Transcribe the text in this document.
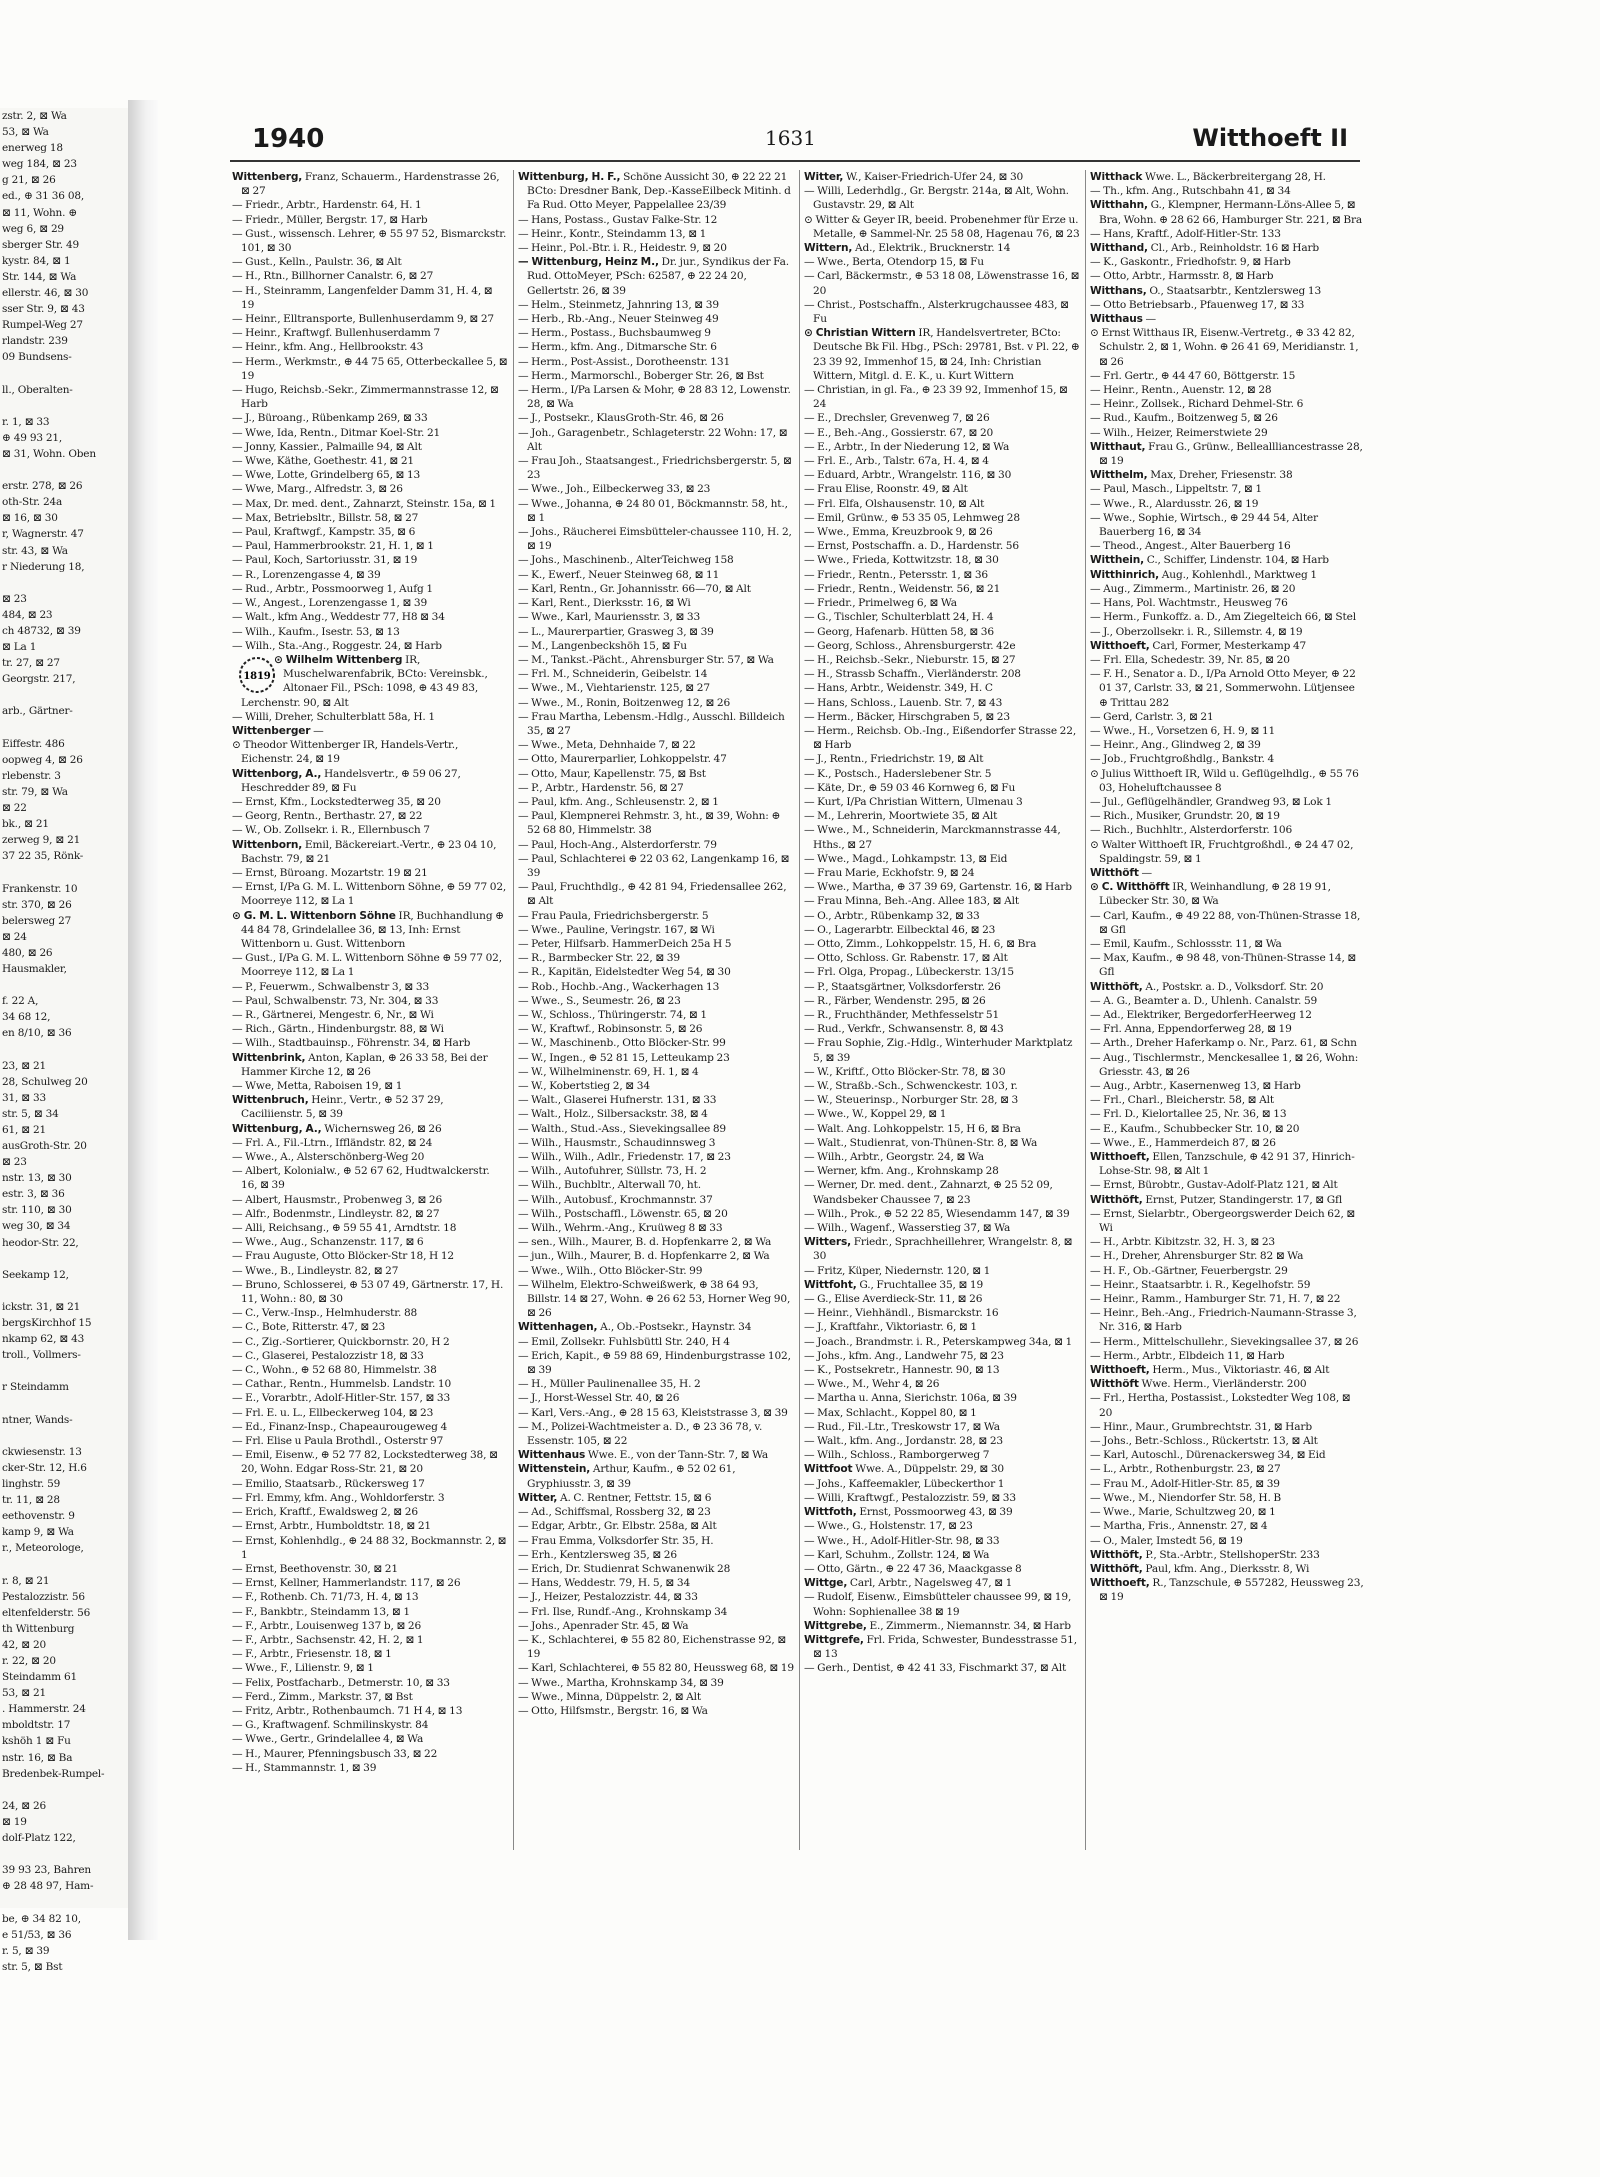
zstr. 2, ⊠ Wa
53, ⊠ Wa
enerweg 18
weg 184, ⊠ 23
g 21, ⊠ 26
ed., ⊕ 31 36 08,
⊠ 11, Wohn. ⊕
weg 6, ⊠ 29
sberger Str. 49
kystr. 84, ⊠ 1
Str. 144, ⊠ Wa
ellerstr. 46, ⊠ 30
sser Str. 9, ⊠ 43
Rumpel-Weg 27
rlandstr. 239
09 Bundsens-

ll., Oberalten-

r. 1, ⊠ 33
⊕ 49 93 21,
⊠ 31, Wohn. Oben

erstr. 278, ⊠ 26
oth-Str. 24a
⊠ 16, ⊠ 30
r, Wagnerstr. 47
str. 43, ⊠ Wa
r Niederung 18,

⊠ 23
484, ⊠ 23
ch 48732, ⊠ 39
⊠ La 1
tr. 27, ⊠ 27
Georgstr. 217,

arb., Gärtner-

Eiffestr. 486
oopweg 4, ⊠ 26
rlebenstr. 3
str. 79, ⊠ Wa
⊠ 22
bk., ⊠ 21
zerweg 9, ⊠ 21
37 22 35, Rönk-

Frankenstr. 10
str. 370, ⊠ 26
belersweg 27
⊠ 24
480, ⊠ 26
Hausmakler,

f. 22 A,
34 68 12,
en 8/10, ⊠ 36

23, ⊠ 21
28, Schulweg 20
31, ⊠ 33
str. 5, ⊠ 34
61, ⊠ 21
ausGroth-Str. 20
⊠ 23
nstr. 13, ⊠ 30
estr. 3, ⊠ 36
str. 110, ⊠ 30
weg 30, ⊠ 34
heodor-Str. 22,

Seekamp 12,

ickstr. 31, ⊠ 21
bergsKirchhof 15
nkamp 62, ⊠ 43
troll., Vollmers-

r Steindamm

ntner, Wands-

ckwiesenstr. 13
cker-Str. 12, H.6
linghstr. 59
tr. 11, ⊠ 28
eethovenstr. 9
kamp 9, ⊠ Wa
r., Meteorologe,

r. 8, ⊠ 21
Pestalozzistr. 56
eltenfelderstr. 56
th Wittenburg
42, ⊠ 20
r. 22, ⊠ 20
Steindamm 61
53, ⊠ 21
. Hammerstr. 24
mboldtstr. 17
kshöh 1 ⊠ Fu
nstr. 16, ⊠ Ba
Bredenbek-Rumpel-

24, ⊠ 26
⊠ 19
dolf-Platz 122,

39 93 23, Bahren
⊕ 28 48 97, Ham-

be, ⊕ 34 82 10,
e 51/53, ⊠ 36
r. 5, ⊠ 39
str. 5, ⊠ Bst
1940	1631	Witthoeft II

Wittenberg, Franz, Schauerm., Hardenstrasse 26, ⊠ 27

— Friedr., Arbtr., Hardenstr. 64, H. 1

— Friedr., Müller, Bergstr. 17, ⊠ Harb

— Gust., wissensch. Lehrer, ⊕ 55 97 52, Bismarckstr. 101, ⊠ 30

— Gust., Kelln., Paulstr. 36, ⊠ Alt

— H., Rtn., Billhorner Canalstr. 6, ⊠ 27

— H., Steinramm, Langenfelder Damm 31, H. 4, ⊠ 19

— Heinr., Elltransporte, Bullenhuserdamm 9, ⊠ 27

— Heinr., Kraftwgf. Bullenhuserdamm 7

— Heinr., kfm. Ang., Hellbrookstr. 43

— Herm., Werkmstr., ⊕ 44 75 65, Otterbeckallee 5, ⊠ 19

— Hugo, Reichsb.-Sekr., Zimmermannstrasse 12, ⊠ Harb

— J., Büroang., Rübenkamp 269, ⊠ 33

— Wwe, Ida, Rentn., Ditmar Koel-Str. 21

— Jonny, Kassier., Palmaille 94, ⊠ Alt

— Wwe, Käthe, Goethestr. 41, ⊠ 21

— Wwe, Lotte, Grindelberg 65, ⊠ 13

— Wwe, Marg., Alfredstr. 3, ⊠ 26

— Max, Dr. med. dent., Zahnarzt, Steinstr. 15a, ⊠ 1

— Max, Betriebsltr., Billstr. 58, ⊠ 27

— Paul, Kraftwgf., Kampstr. 35, ⊠ 6

— Paul, Hammerbrookstr. 21, H. 1, ⊠ 1

— Paul, Koch, Sartoriusstr. 31, ⊠ 19

— R., Lorenzengasse 4, ⊠ 39

— Rud., Arbtr., Possmoorweg 1, Aufg 1

— W., Angest., Lorenzengasse 1, ⊠ 39

— Walt., kfm Ang., Weddestr 77, H8 ⊠ 34

— Wilh., Kaufm., Isestr. 53, ⊠ 13

— Wilh., Sta.-Ang., Roggestr. 24, ⊠ Harb

1819
⊙ Wilhelm Wittenberg IR, Muschelwarenfabrik, BCto: Vereinsbk., Altonaer Fil., PSch: 1098, ⊕ 43 49 83, Lerchenstr. 90, ⊠ Alt

— Willi, Dreher, Schulterblatt 58a, H. 1

Wittenberger —

⊙ Theodor Wittenberger IR, Handels-Vertr., Eichenstr. 24, ⊠ 19

Wittenborg, A., Handelsvertr., ⊕ 59 06 27, Heschredder 89, ⊠ Fu

— Ernst, Kfm., Lockstedterweg 35, ⊠ 20

— Georg, Rentn., Berthastr. 27, ⊠ 22

— W., Ob. Zollsekr. i. R., Ellernbusch 7

Wittenborn, Emil, Bäckereiart.-Vertr., ⊕ 23 04 10, Bachstr. 79, ⊠ 21

— Ernst, Büroang. Mozartstr. 19 ⊠ 21

— Ernst, I/Pa G. M. L. Wittenborn Söhne, ⊕ 59 77 02, Moorreye 112, ⊠ La 1

⊙ G. M. L. Wittenborn Söhne IR, Buchhandlung ⊕ 44 84 78, Grindelallee 36, ⊠ 13, Inh: Ernst Wittenborn u. Gust. Wittenborn

— Gust., I/Pa G. M. L. Wittenborn Söhne ⊕ 59 77 02, Moorreye 112, ⊠ La 1

— P., Feuerwm., Schwalbenstr 3, ⊠ 33

— Paul, Schwalbenstr. 73, Nr. 304, ⊠ 33

— R., Gärtnerei, Mengestr. 6, Nr., ⊠ Wi

— Rich., Gärtn., Hindenburgstr. 88, ⊠ Wi

— Wilh., Stadtbauinsp., Föhrenstr. 34, ⊠ Harb

Wittenbrink, Anton, Kaplan, ⊕ 26 33 58, Bei der Hammer Kirche 12, ⊠ 26

— Wwe, Metta, Raboisen 19, ⊠ 1

Wittenbruch, Heinr., Vertr., ⊕ 52 37 29, Caciliienstr. 5, ⊠ 39

Wittenburg, A., Wichernsweg 26, ⊠ 26

— Frl. A., Fil.-Ltrn., Iffländstr. 82, ⊠ 24

— Wwe., A., Alsterschönberg-Weg 20

— Albert, Kolonialw., ⊕ 52 67 62, Hudtwalckerstr. 16, ⊠ 39

— Albert, Hausmstr., Probenweg 3, ⊠ 26

— Alfr., Bodenmstr., Lindleystr. 82, ⊠ 27

— Alli, Reichsang., ⊕ 59 55 41, Arndtstr. 18

— Wwe., Aug., Schanzenstr. 117, ⊠ 6

— Frau Auguste, Otto Blöcker-Str 18, H 12

— Wwe., B., Lindleystr. 82, ⊠ 27

— Bruno, Schlosserei, ⊕ 53 07 49, Gärtnerstr. 17, H. 11, Wohn.: 80, ⊠ 30

— C., Verw.-Insp., Helmhuderstr. 88

— C., Bote, Ritterstr. 47, ⊠ 23

— C., Zig.-Sortierer, Quickbornstr. 20, H 2

— C., Glaserei, Pestalozzistr 18, ⊠ 33

— C., Wohn., ⊕ 52 68 80, Himmelstr. 38

— Cathar., Rentn., Hummelsb. Landstr. 10

— E., Vorarbtr., Adolf-Hitler-Str. 157, ⊠ 33

— Frl. E. u. L., Ellbeckerweg 104, ⊠ 23

— Ed., Finanz-Insp., Chapeaurougeweg 4

— Frl. Elise u Paula Brothdl., Osterstr 97

— Emil, Eisenw., ⊕ 52 77 82, Lockstedterweg 38, ⊠ 20, Wohn. Edgar Ross-Str. 21, ⊠ 20

— Emilio, Staatsarb., Rückersweg 17

— Frl. Emmy, kfm. Ang., Wohldorferstr. 3

— Erich, Kraftf., Ewaldsweg 2, ⊠ 26

— Ernst, Arbtr., Humboldtstr. 18, ⊠ 21

— Ernst, Kohlenhdlg., ⊕ 24 88 32, Bockmannstr. 2, ⊠ 1

— Ernst, Beethovenstr. 30, ⊠ 21

— Ernst, Kellner, Hammerlandstr. 117, ⊠ 26

— F., Rothenb. Ch. 71/73, H. 4, ⊠ 13

— F., Bankbtr., Steindamm 13, ⊠ 1

— F., Arbtr., Louisenweg 137 b, ⊠ 26

— F., Arbtr., Sachsenstr. 42, H. 2, ⊠ 1

— F., Arbtr., Friesenstr. 18, ⊠ 1

— Wwe., F., Lilienstr. 9, ⊠ 1

— Felix, Postfacharb., Detmerstr. 10, ⊠ 33

— Ferd., Zimm., Markstr. 37, ⊠ Bst

— Fritz, Arbtr., Rothenbaumch. 71 H 4, ⊠ 13

— G., Kraftwagenf. Schmilinskystr. 84

— Wwe., Gertr., Grindelallee 4, ⊠ Wa

— H., Maurer, Pfenningsbusch 33, ⊠ 22

— H., Stammannstr. 1, ⊠ 39

Wittenburg, H. F., Schöne Aussicht 30, ⊕ 22 22 21 BCto: Dresdner Bank, Dep.-KasseEilbeck Mitinh. d Fa Rud. Otto Meyer, Pappelallee 23/39

— Hans, Postass., Gustav Falke-Str. 12

— Heinr., Kontr., Steindamm 13, ⊠ 1

— Heinr., Pol.-Btr. i. R., Heidestr. 9, ⊠ 20

— Wittenburg, Heinz M., Dr. jur., Syndikus der Fa. Rud. OttoMeyer, PSch: 62587, ⊕ 22 24 20, Gellertstr. 26, ⊠ 39

— Helm., Steinmetz, Jahnring 13, ⊠ 39

— Herb., Rb.-Ang., Neuer Steinweg 49

— Herm., Postass., Buchsbaumweg 9

— Herm., kfm. Ang., Ditmarsche Str. 6

— Herm., Post-Assist., Dorotheenstr. 131

— Herm., Marmorschl., Boberger Str. 26, ⊠ Bst

— Herm., I/Pa Larsen & Mohr, ⊕ 28 83 12, Lowenstr. 28, ⊠ Wa

— J., Postsekr., KlausGroth-Str. 46, ⊠ 26

— Joh., Garagenbetr., Schlageterstr. 22 Wohn: 17, ⊠ Alt

— Frau Joh., Staatsangest., Friedrichsbergerstr. 5, ⊠ 23

— Wwe., Joh., Eilbeckerweg 33, ⊠ 23

— Wwe., Johanna, ⊕ 24 80 01, Böckmannstr. 58, ht., ⊠ 1

— Johs., Räucherei Eimsbütteler-chaussee 110, H. 2, ⊠ 19

— Johs., Maschinenb., AlterTeichweg 158

— K., Ewerf., Neuer Steinweg 68, ⊠ 11

— Karl, Rentn., Gr. Johannisstr. 66—70, ⊠ Alt

— Karl, Rent., Dierksstr. 16, ⊠ Wi

— Wwe., Karl, Mauriensstr. 3, ⊠ 33

— L., Maurerpartier, Grasweg 3, ⊠ 39

— M., Langenbeckshöh 15, ⊠ Fu

— M., Tankst.-Pächt., Ahrensburger Str. 57, ⊠ Wa

— Frl. M., Schneiderin, Geibelstr. 14

— Wwe., M., Viehtarienstr. 125, ⊠ 27

— Wwe., M., Ronin, Boitzenweg 12, ⊠ 26

— Frau Martha, Lebensm.-Hdlg., Ausschl. Billdeich 35, ⊠ 27

— Wwe., Meta, Dehnhaide 7, ⊠ 22

— Otto, Maurerparlier, Lohkoppelstr. 47

— Otto, Maur, Kapellenstr. 75, ⊠ Bst

— P., Arbtr., Hardenstr. 56, ⊠ 27

— Paul, kfm. Ang., Schleusenstr. 2, ⊠ 1

— Paul, Klempnerei Rehmstr. 3, ht., ⊠ 39, Wohn: ⊕ 52 68 80, Himmelstr. 38

— Paul, Hoch-Ang., Alsterdorferstr. 79

— Paul, Schlachterei ⊕ 22 03 62, Langenkamp 16, ⊠ 39

— Paul, Fruchthdlg., ⊕ 42 81 94, Friedensallee 262, ⊠ Alt

— Frau Paula, Friedrichsbergerstr. 5

— Wwe., Pauline, Veringstr. 167, ⊠ Wi

— Peter, Hilfsarb. HammerDeich 25a H 5

— R., Barmbecker Str. 22, ⊠ 39

— R., Kapitän, Eidelstedter Weg 54, ⊠ 30

— Rob., Hochb.-Ang., Wackerhagen 13

— Wwe., S., Seumestr. 26, ⊠ 23

— W., Schloss., Thüringerstr. 74, ⊠ 1

— W., Kraftwf., Robinsonstr. 5, ⊠ 26

— W., Maschinenb., Otto Blöcker-Str. 99

— W., Ingen., ⊕ 52 81 15, Letteukamp 23

— W., Wilhelminenstr. 69, H. 1, ⊠ 4

— W., Kobertstieg 2, ⊠ 34

— Walt., Glaserei Hufnerstr. 131, ⊠ 33

— Walt., Holz., Silbersackstr. 38, ⊠ 4

— Walth., Stud.-Ass., Sievekingsallee 89

— Wilh., Hausmstr., Schaudinnsweg 3

— Wilh., Wilh., Adlr., Friedenstr. 17, ⊠ 23

— Wilh., Autofuhrer, Süllstr. 73, H. 2

— Wilh., Buchbltr., Alterwall 70, ht.

— Wilh., Autobusf., Krochmannstr. 37

— Wilh., Postschaffl., Löwenstr. 65, ⊠ 20

— Wilh., Wehrm.-Ang., Kruüweg 8 ⊠ 33

— sen., Wilh., Maurer, B. d. Hopfenkarre 2, ⊠ Wa

— jun., Wilh., Maurer, B. d. Hopfenkarre 2, ⊠ Wa

— Wwe., Wilh., Otto Blöcker-Str. 99

— Wilhelm, Elektro-Schweißwerk, ⊕ 38 64 93, Billstr. 14 ⊠ 27, Wohn. ⊕ 26 62 53, Horner Weg 90, ⊠ 26

Wittenhagen, A., Ob.-Postsekr., Haynstr. 34

— Emil, Zollsekr. Fuhlsbüttl Str. 240, H 4

— Erich, Kapit., ⊕ 59 88 69, Hindenburgstrasse 102, ⊠ 39

— H., Müller Paulinenallee 35, H. 2

— J., Horst-Wessel Str. 40, ⊠ 26

— Karl, Vers.-Ang., ⊕ 28 15 63, Kleiststrasse 3, ⊠ 39

— M., Polizei-Wachtmeister a. D., ⊕ 23 36 78, v. Essenstr. 105, ⊠ 22

Wittenhaus Wwe. E., von der Tann-Str. 7, ⊠ Wa

Wittenstein, Arthur, Kaufm., ⊕ 52 02 61, Gryphiusstr. 3, ⊠ 39

Witter, A. C. Rentner, Fettstr. 15, ⊠ 6

— Ad., Schiffsmal, Rossberg 32, ⊠ 23

— Edgar, Arbtr., Gr. Elbstr. 258a, ⊠ Alt

— Frau Emma, Volksdorfer Str. 35, H.

— Erh., Kentzlersweg 35, ⊠ 26

— Erich, Dr. Studienrat Schwanenwik 28

— Hans, Weddestr. 79, H. 5, ⊠ 34

— J., Heizer, Pestalozzistr. 44, ⊠ 33

— Frl. Ilse, Rundf.-Ang., Krohnskamp 34

— Johs., Apenrader Str. 45, ⊠ Wa

— K., Schlachterei, ⊕ 55 82 80, Eichenstrasse 92, ⊠ 19

— Karl, Schlachterei, ⊕ 55 82 80, Heussweg 68, ⊠ 19

— Wwe., Martha, Krohnskamp 34, ⊠ 39

— Wwe., Minna, Düppelstr. 2, ⊠ Alt

— Otto, Hilfsmstr., Bergstr. 16, ⊠ Wa

Witter, W., Kaiser-Friedrich-Ufer 24, ⊠ 30

— Willi, Lederhdlg., Gr. Bergstr. 214a, ⊠ Alt, Wohn. Gustavstr. 29, ⊠ Alt

⊙ Witter & Geyer IR, beeid. Probenehmer für Erze u. Metalle, ⊕ Sammel-Nr. 25 58 08, Hagenau 76, ⊠ 23

Wittern, Ad., Elektrik., Brucknerstr. 14

— Wwe., Berta, Otendorp 15, ⊠ Fu

— Carl, Bäckermstr., ⊕ 53 18 08, Löwenstrasse 16, ⊠ 20

— Christ., Postschaffn., Alsterkrugchaussee 483, ⊠ Fu

⊙ Christian Wittern IR, Handelsvertreter, BCto: Deutsche Bk Fil. Hbg., PSch: 29781, Bst. v Pl. 22, ⊕ 23 39 92, Immenhof 15, ⊠ 24, Inh: Christian Wittern, Mitgl. d. E. K., u. Kurt Wittern

— Christian, in gl. Fa., ⊕ 23 39 92, Immenhof 15, ⊠ 24

— E., Drechsler, Grevenweg 7, ⊠ 26

— E., Beh.-Ang., Gossierstr. 67, ⊠ 20

— E., Arbtr., In der Niederung 12, ⊠ Wa

— Frl. E., Arb., Talstr. 67a, H. 4, ⊠ 4

— Eduard, Arbtr., Wrangelstr. 116, ⊠ 30

— Frau Elise, Roonstr. 49, ⊠ Alt

— Frl. Elfa, Olshausenstr. 10, ⊠ Alt

— Emil, Grünw., ⊕ 53 35 05, Lehmweg 28

— Wwe., Emma, Kreuzbrook 9, ⊠ 26

— Ernst, Postschaffn. a. D., Hardenstr. 56

— Wwe., Frieda, Kottwitzstr. 18, ⊠ 30

— Friedr., Rentn., Petersstr. 1, ⊠ 36

— Friedr., Rentn., Weidenstr. 56, ⊠ 21

— Friedr., Primelweg 6, ⊠ Wa

— G., Tischler, Schulterblatt 24, H. 4

— Georg, Hafenarb. Hütten 58, ⊠ 36

— Georg, Schloss., Ahrensburgerstr. 42e

— H., Reichsb.-Sekr., Nieburstr. 15, ⊠ 27

— H., Strassb Schaffn., Vierländerstr. 208

— Hans, Arbtr., Weidenstr. 349, H. C

— Hans, Schloss., Lauenb. Str. 7, ⊠ 43

— Herm., Bäcker, Hirschgraben 5, ⊠ 23

— Herm., Reichsb. Ob.-Ing., Eißendorfer Strasse 22, ⊠ Harb

— J., Rentn., Friedrichstr. 19, ⊠ Alt

— K., Postsch., Haderslebener Str. 5

— Käte, Dr., ⊕ 59 03 46 Kornweg 6, ⊠ Fu

— Kurt, I/Pa Christian Wittern, Ulmenau 3

— M., Lehrerin, Moortwiete 35, ⊠ Alt

— Wwe., M., Schneiderin, Marckmannstrasse 44, Hths., ⊠ 27

— Wwe., Magd., Lohkampstr. 13, ⊠ Eid

— Frau Marie, Eckhofstr. 9, ⊠ 24

— Wwe., Martha, ⊕ 37 39 69, Gartenstr. 16, ⊠ Harb

— Frau Minna, Beh.-Ang. Allee 183, ⊠ Alt

— O., Arbtr., Rübenkamp 32, ⊠ 33

— O., Lagerarbtr. Eilbecktal 46, ⊠ 23

— Otto, Zimm., Lohkoppelstr. 15, H. 6, ⊠ Bra

— Otto, Schloss. Gr. Rabenstr. 17, ⊠ Alt

— Frl. Olga, Propag., Lübeckerstr. 13/15

— P., Staatsgärtner, Volksdorferstr. 26

— R., Färber, Wendenstr. 295, ⊠ 26

— R., Fruchthänder, Methfesselstr 51

— Rud., Verkfr., Schwansenstr. 8, ⊠ 43

— Frau Sophie, Zig.-Hdlg., Winterhuder Marktplatz 5, ⊠ 39

— W., Kriftf., Otto Blöcker-Str. 78, ⊠ 30

— W., Straßb.-Sch., Schwenckestr. 103, r.

— W., Steuerinsp., Norburger Str. 28, ⊠ 3

— Wwe., W., Koppel 29, ⊠ 1

— Walt. Ang. Lohkoppelstr. 15, H 6, ⊠ Bra

— Walt., Studienrat, von-Thünen-Str. 8, ⊠ Wa

— Wilh., Arbtr., Georgstr. 24, ⊠ Wa

— Werner, kfm. Ang., Krohnskamp 28

— Werner, Dr. med. dent., Zahnarzt, ⊕ 25 52 09, Wandsbeker Chaussee 7, ⊠ 23

— Wilh., Prok., ⊕ 52 22 85, Wiesendamm 147, ⊠ 39

— Wilh., Wagenf., Wasserstieg 37, ⊠ Wa

Witters, Friedr., Sprachheillehrer, Wrangelstr. 8, ⊠ 30

— Fritz, Küper, Niedernstr. 120, ⊠ 1

Wittfoht, G., Fruchtallee 35, ⊠ 19

— G., Elise Averdieck-Str. 11, ⊠ 26

— Heinr., Viehhändl., Bismarckstr. 16

— J., Kraftfahr., Viktoriastr. 6, ⊠ 1

— Joach., Brandmstr. i. R., Peterskampweg 34a, ⊠ 1

— Johs., kfm. Ang., Landwehr 75, ⊠ 23

— K., Postsekretr., Hannestr. 90, ⊠ 13

— Wwe., M., Wehr 4, ⊠ 26

— Martha u. Anna, Sierichstr. 106a, ⊠ 39

— Max, Schlacht., Koppel 80, ⊠ 1

— Rud., Fil.-Ltr., Treskowstr 17, ⊠ Wa

— Walt., kfm. Ang., Jordanstr. 28, ⊠ 23

— Wilh., Schloss., Ramborgerweg 7

Wittfoot Wwe. A., Düppelstr. 29, ⊠ 30

— Johs., Kaffeemakler, Lübeckerthor 1

— Willi, Kraftwgf., Pestalozzistr. 59, ⊠ 33

Wittfoth, Ernst, Possmoorweg 43, ⊠ 39

— Wwe., G., Holstenstr. 17, ⊠ 23

— Wwe., H., Adolf-Hitler-Str. 98, ⊠ 33

— Karl, Schuhm., Zollstr. 124, ⊠ Wa

— Otto, Gärtn., ⊕ 22 47 36, Maackgasse 8

Wittge, Carl, Arbtr., Nagelsweg 47, ⊠ 1

— Rudolf, Eisenw., Eimsbütteler chaussee 99, ⊠ 19, Wohn: Sophienallee 38 ⊠ 19

Wittgrebe, E., Zimmerm., Niemannstr. 34, ⊠ Harb

Wittgrefe, Frl. Frida, Schwester, Bundesstrasse 51, ⊠ 13

— Gerh., Dentist, ⊕ 42 41 33, Fischmarkt 37, ⊠ Alt

Witthack Wwe. L., Bäckerbreitergang 28, H.

— Th., kfm. Ang., Rutschbahn 41, ⊠ 34

Witthahn, G., Klempner, Hermann-Löns-Allee 5, ⊠ Bra, Wohn. ⊕ 28 62 66, Hamburger Str. 221, ⊠ Bra

— Hans, Kraftf., Adolf-Hitler-Str. 133

Witthand, Cl., Arb., Reinholdstr. 16 ⊠ Harb

— K., Gaskontr., Friedhofstr. 9, ⊠ Harb

— Otto, Arbtr., Harmsstr. 8, ⊠ Harb

Witthans, O., Staatsarbtr., Kentzlersweg 13

— Otto Betriebsarb., Pfauenweg 17, ⊠ 33

Witthaus —

⊙ Ernst Witthaus IR, Eisenw.-Vertretg., ⊕ 33 42 82, Schulstr. 2, ⊠ 1, Wohn. ⊕ 26 41 69, Meridianstr. 1, ⊠ 26

— Frl. Gertr., ⊕ 44 47 60, Böttgerstr. 15

— Heinr., Rentn., Auenstr. 12, ⊠ 28

— Heinr., Zollsek., Richard Dehmel-Str. 6

— Rud., Kaufm., Boitzenweg 5, ⊠ 26

— Wilh., Heizer, Reimerstwiete 29

Witthaut, Frau G., Grünw., Belleallliancestrasse 28, ⊠ 19

Witthelm, Max, Dreher, Friesenstr. 38

— Paul, Masch., Lippeltstr. 7, ⊠ 1

— Wwe., R., Alardusstr. 26, ⊠ 19

— Wwe., Sophie, Wirtsch., ⊕ 29 44 54, Alter Bauerberg 16, ⊠ 34

— Theod., Angest., Alter Bauerberg 16

Witthein, C., Schiffer, Lindenstr. 104, ⊠ Harb

Witthinrich, Aug., Kohlenhdl., Marktweg 1

— Aug., Zimmerm., Martinistr. 26, ⊠ 20

— Hans, Pol. Wachtmstr., Heusweg 76

— Herm., Funkoffz. a. D., Am Ziegelteich 66, ⊠ Stel

— J., Oberzollsekr. i. R., Sillemstr. 4, ⊠ 19

Witthoeft, Carl, Former, Mesterkamp 47

— Frl. Ella, Schedestr. 39, Nr. 85, ⊠ 20

— F. H., Senator a. D., I/Pa Arnold Otto Meyer, ⊕ 22 01 37, Carlstr. 33, ⊠ 21, Sommerwohn. Lütjensee ⊕ Trittau 282

— Gerd, Carlstr. 3, ⊠ 21

— Wwe., H., Vorsetzen 6, H. 9, ⊠ 11

— Heinr., Ang., Glindweg 2, ⊠ 39

— Job., Fruchtgroßhdlg., Bankstr. 4

⊙ Julius Witthoeft IR, Wild u. Geflügelhdlg., ⊕ 55 76 03, Hoheluftchaussee 8

— Jul., Geflügelhändler, Grandweg 93, ⊠ Lok 1

— Rich., Musiker, Grundstr. 20, ⊠ 19

— Rich., Buchhltr., Alsterdorferstr. 106

⊙ Walter Witthoeft IR, Fruchtgroßhdl., ⊕ 24 47 02, Spaldingstr. 59, ⊠ 1

Witthöft —

⊙ C. Witthöfft IR, Weinhandlung, ⊕ 28 19 91, Lübecker Str. 30, ⊠ Wa

— Carl, Kaufm., ⊕ 49 22 88, von-Thünen-Strasse 18, ⊠ Gfl

— Emil, Kaufm., Schlossstr. 11, ⊠ Wa

— Max, Kaufm., ⊕ 98 48, von-Thünen-Strasse 14, ⊠ Gfl

Witthöft, A., Postskr. a. D., Volksdorf. Str. 20

— A. G., Beamter a. D., Uhlenh. Canalstr. 59

— Ad., Elektriker, BergedorferHeerweg 12

— Frl. Anna, Eppendorferweg 28, ⊠ 19

— Arth., Dreher Haferkamp o. Nr., Parz. 61, ⊠ Schn

— Aug., Tischlermstr., Menckesallee 1, ⊠ 26, Wohn: Griesstr. 43, ⊠ 26

— Aug., Arbtr., Kasernenweg 13, ⊠ Harb

— Frl., Charl., Bleicherstr. 58, ⊠ Alt

— Frl. D., Kielortallee 25, Nr. 36, ⊠ 13

— E., Kaufm., Schubbecker Str. 10, ⊠ 20

— Wwe., E., Hammerdeich 87, ⊠ 26

Witthoeft, Ellen, Tanzschule, ⊕ 42 91 37, Hinrich-Lohse-Str. 98, ⊠ Alt 1

— Ernst, Bürobtr., Gustav-Adolf-Platz 121, ⊠ Alt

Witthöft, Ernst, Putzer, Standingerstr. 17, ⊠ Gfl

— Ernst, Sielarbtr., Obergeorgswerder Deich 62, ⊠ Wi

— H., Arbtr. Kibitzstr. 32, H. 3, ⊠ 23

— H., Dreher, Ahrensburger Str. 82 ⊠ Wa

— H. F., Ob.-Gärtner, Feuerbergstr. 29

— Heinr., Staatsarbtr. i. R., Kegelhofstr. 59

— Heinr., Ramm., Hamburger Str. 71, H. 7, ⊠ 22

— Heinr., Beh.-Ang., Friedrich-Naumann-Strasse 3, Nr. 316, ⊠ Harb

— Herm., Mittelschullehr., Sievekingsallee 37, ⊠ 26

— Herm., Arbtr., Elbdeich 11, ⊠ Harb

Witthoeft, Herm., Mus., Viktoriastr. 46, ⊠ Alt

Witthöft Wwe. Herm., Vierländerstr. 200

— Frl., Hertha, Postassist., Lokstedter Weg 108, ⊠ 20

— Hinr., Maur., Grumbrechtstr. 31, ⊠ Harb

— Johs., Betr.-Schloss., Rückertstr. 13, ⊠ Alt

— Karl, Autoschl., Dürenackersweg 34, ⊠ Eid

— L., Arbtr., Rothenburgstr. 23, ⊠ 27

— Frau M., Adolf-Hitler-Str. 85, ⊠ 39

— Wwe., M., Niendorfer Str. 58, H. B

— Wwe., Marie, Schultzweg 20, ⊠ 1

— Martha, Fris., Annenstr. 27, ⊠ 4

— O., Maler, Imstedt 56, ⊠ 19

Witthöft, P., Sta.-Arbtr., StellshoperStr. 233

Witthöft, Paul, kfm. Ang., Dierksstr. 8, Wi

Witthoeft, R., Tanzschule, ⊕ 557282, Heussweg 23, ⊠ 19
